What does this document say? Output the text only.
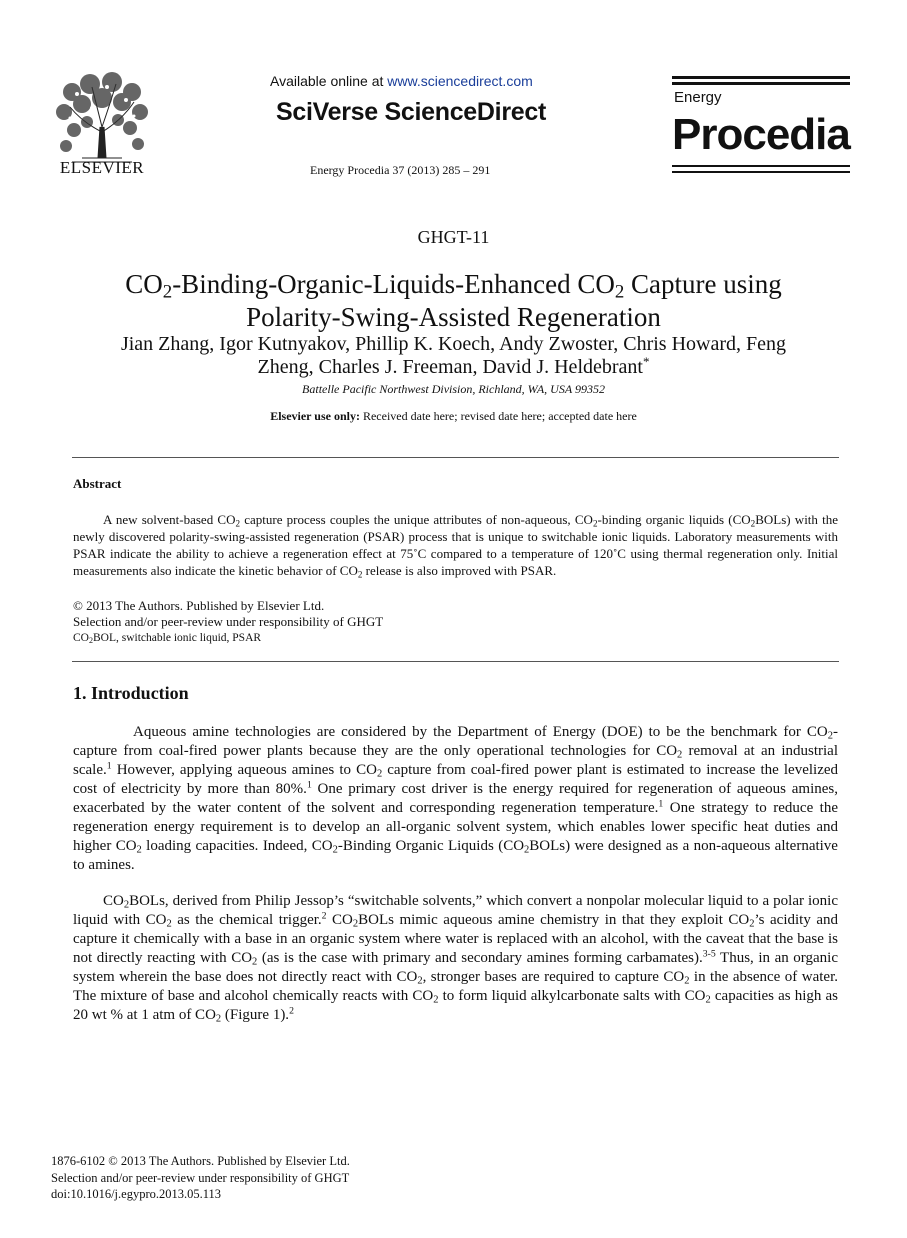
ELSEVIER
Available online at www.sciencedirect.com
SciVerse ScienceDirect
Energy Procedia 37 (2013) 285 – 291
Energy
Procedia
GHGT-11
$CO_2-Binding-Organic-Liquids$-Enhanced $CO_2$ Capture using
Polarity-Swing-Assisted Regeneration
Jian Zhang, Igor Kutnyakov, Phillip K. Koech, Andy Zwoster, Chris Howard, Feng
Zheng, Charles J. Freeman, David J. Heldebrant*
Battelle Pacific Northwest Division, Richland, WA, USA 99352
Elsevier use only: Received date here; revised date here; accepted date here
Abstract
A new solvent-based $CO_2$ capture process couples the unique attributes of non-aqueous, $CO_2$-binding organic liquids $(CO_2BOLs)$ with the newly discovered polarity-swing-assisted regeneration (PSAR) process that is unique to switchable ionic liquids. Laboratory measurements with PSAR indicate the ability to achieve a regeneration effect at 75˚C compared to a temperature of 120˚C using thermal regeneration only. Initial measurements also indicate the kinetic behavior of $CO_2$ release is also improved with PSAR.
© 2013 The Authors. Published by Elsevier Ltd.
Selection and/or peer-review under responsibility of GHGT
$CO_2BOL$, switchable ionic liquid, PSAR
1. Introduction
Aqueous amine technologies are considered by the Department of Energy (DOE) to be the benchmark for $CO_2$-capture from coal-fired power plants because they are the only operational technologies for $CO_2$ removal at an industrial scale.$^1$ However, applying aqueous amines to $CO_2$ capture from coal-fired power plant is estimated to increase the levelized cost of electricity by more than 80%.$^1$ One primary cost driver is the energy required for regeneration of aqueous amines, exacerbated by the water content of the solvent and corresponding regeneration temperature.$^1$ One strategy to reduce the regeneration energy requirement is to develop an all-organic solvent system, which enables lower specific heat duties and higher $CO_2$ loading capacities. Indeed, $CO_2$-Binding Organic Liquids $(CO_2BOLs)$ were designed as a non-aqueous alternative to amines.
$CO_2BOLs$, derived from Philip Jessop’s “switchable solvents,” which convert a nonpolar molecular liquid to a polar ionic liquid with $CO_2$ as the chemical trigger.$^2$ $CO_2BOLs$ mimic aqueous amine chemistry in that they exploit $CO_2’s$ acidity and capture it chemically with a base in an organic system where water is replaced with an alcohol, with the caveat that the base is not directly reacting with $CO_2$ (as is the case with primary and secondary amines forming carbamates).$^{3-5}$ Thus, in an organic system wherein the base does not directly react with $CO_2$, stronger bases are required to capture $CO_2$ in the absence of water. The mixture of base and alcohol chemically reacts with $CO_2$ to form liquid alkylcarbonate salts with $CO_2$ capacities as high as 20 wt % at 1 atm of $CO_2$ (Figure 1).$^2$
1876-6102 © 2013 The Authors. Published by Elsevier Ltd.
Selection and/or peer-review under responsibility of GHGT
doi:10.1016/j.egypro.2013.05.113
